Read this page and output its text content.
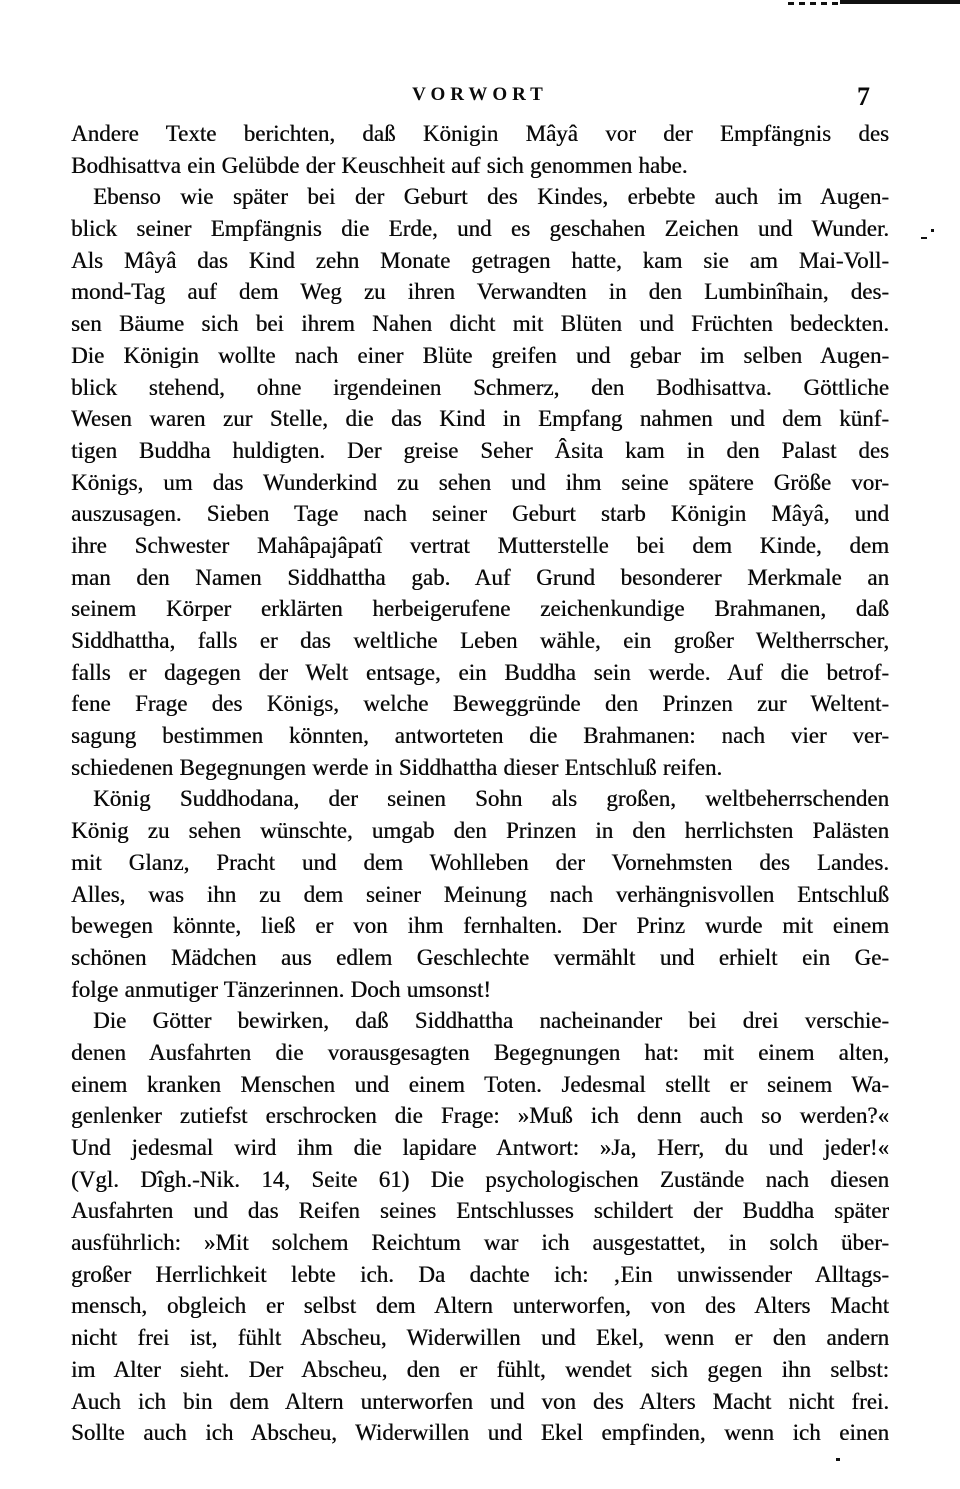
VORWORT	7

Andere Texte berichten, daß Königin Mâyâ vor der Empfängnis des

Bodhisattva ein Gelübde der Keuschheit auf sich genommen habe.

Ebenso wie später bei der Geburt des Kindes, erbebte auch im Augen-

blick seiner Empfängnis die Erde, und es geschahen Zeichen und Wunder.

Als Mâyâ das Kind zehn Monate getragen hatte, kam sie am Mai-Voll-

mond-Tag auf dem Weg zu ihren Verwandten in den Lumbinîhain, des-

sen Bäume sich bei ihrem Nahen dicht mit Blüten und Früchten bedeckten.

Die Königin wollte nach einer Blüte greifen und gebar im selben Augen-

blick stehend, ohne irgendeinen Schmerz, den Bodhisattva. Göttliche

Wesen waren zur Stelle, die das Kind in Empfang nahmen und dem künf-

tigen Buddha huldigten. Der greise Seher Âsita kam in den Palast des

Königs, um das Wunderkind zu sehen und ihm seine spätere Größe vor-

auszusagen. Sieben Tage nach seiner Geburt starb Königin Mâyâ, und

ihre Schwester Mahâpajâpatî vertrat Mutterstelle bei dem Kinde, dem

man den Namen Siddhattha gab. Auf Grund besonderer Merkmale an

seinem Körper erklärten herbeigerufene zeichenkundige Brahmanen, daß

Siddhattha, falls er das weltliche Leben wähle, ein großer Weltherrscher,

falls er dagegen der Welt entsage, ein Buddha sein werde. Auf die betrof-

fene Frage des Königs, welche Beweggründe den Prinzen zur Weltent-

sagung bestimmen könnten, antworteten die Brahmanen: nach vier ver-

schiedenen Begegnungen werde in Siddhattha dieser Entschluß reifen.

König Suddhodana, der seinen Sohn als großen, weltbeherrschenden

König zu sehen wünschte, umgab den Prinzen in den herrlichsten Palästen

mit Glanz, Pracht und dem Wohlleben der Vornehmsten des Landes.

Alles, was ihn zu dem seiner Meinung nach verhängnisvollen Entschluß

bewegen könnte, ließ er von ihm fernhalten. Der Prinz wurde mit einem

schönen Mädchen aus edlem Geschlechte vermählt und erhielt ein Ge-

folge anmutiger Tänzerinnen. Doch umsonst!

Die Götter bewirken, daß Siddhattha nacheinander bei drei verschie-

denen Ausfahrten die vorausgesagten Begegnungen hat: mit einem alten,

einem kranken Menschen und einem Toten. Jedesmal stellt er seinem Wa-

genlenker zutiefst erschrocken die Frage: »Muß ich denn auch so werden?«

Und jedesmal wird ihm die lapidare Antwort: »Ja, Herr, du und jeder!«

(Vgl. Dîgh.-Nik. 14, Seite 61) Die psychologischen Zustände nach diesen

Ausfahrten und das Reifen seines Entschlusses schildert der Buddha später

ausführlich: »Mit solchem Reichtum war ich ausgestattet, in solch über-

großer Herrlichkeit lebte ich. Da dachte ich: ‚Ein unwissender Alltags-

mensch, obgleich er selbst dem Altern unterworfen, von des Alters Macht

nicht frei ist, fühlt Abscheu, Widerwillen und Ekel, wenn er den andern

im Alter sieht. Der Abscheu, den er fühlt, wendet sich gegen ihn selbst:

Auch ich bin dem Altern unterworfen und von des Alters Macht nicht frei.

Sollte auch ich Abscheu, Widerwillen und Ekel empfinden, wenn ich einen
